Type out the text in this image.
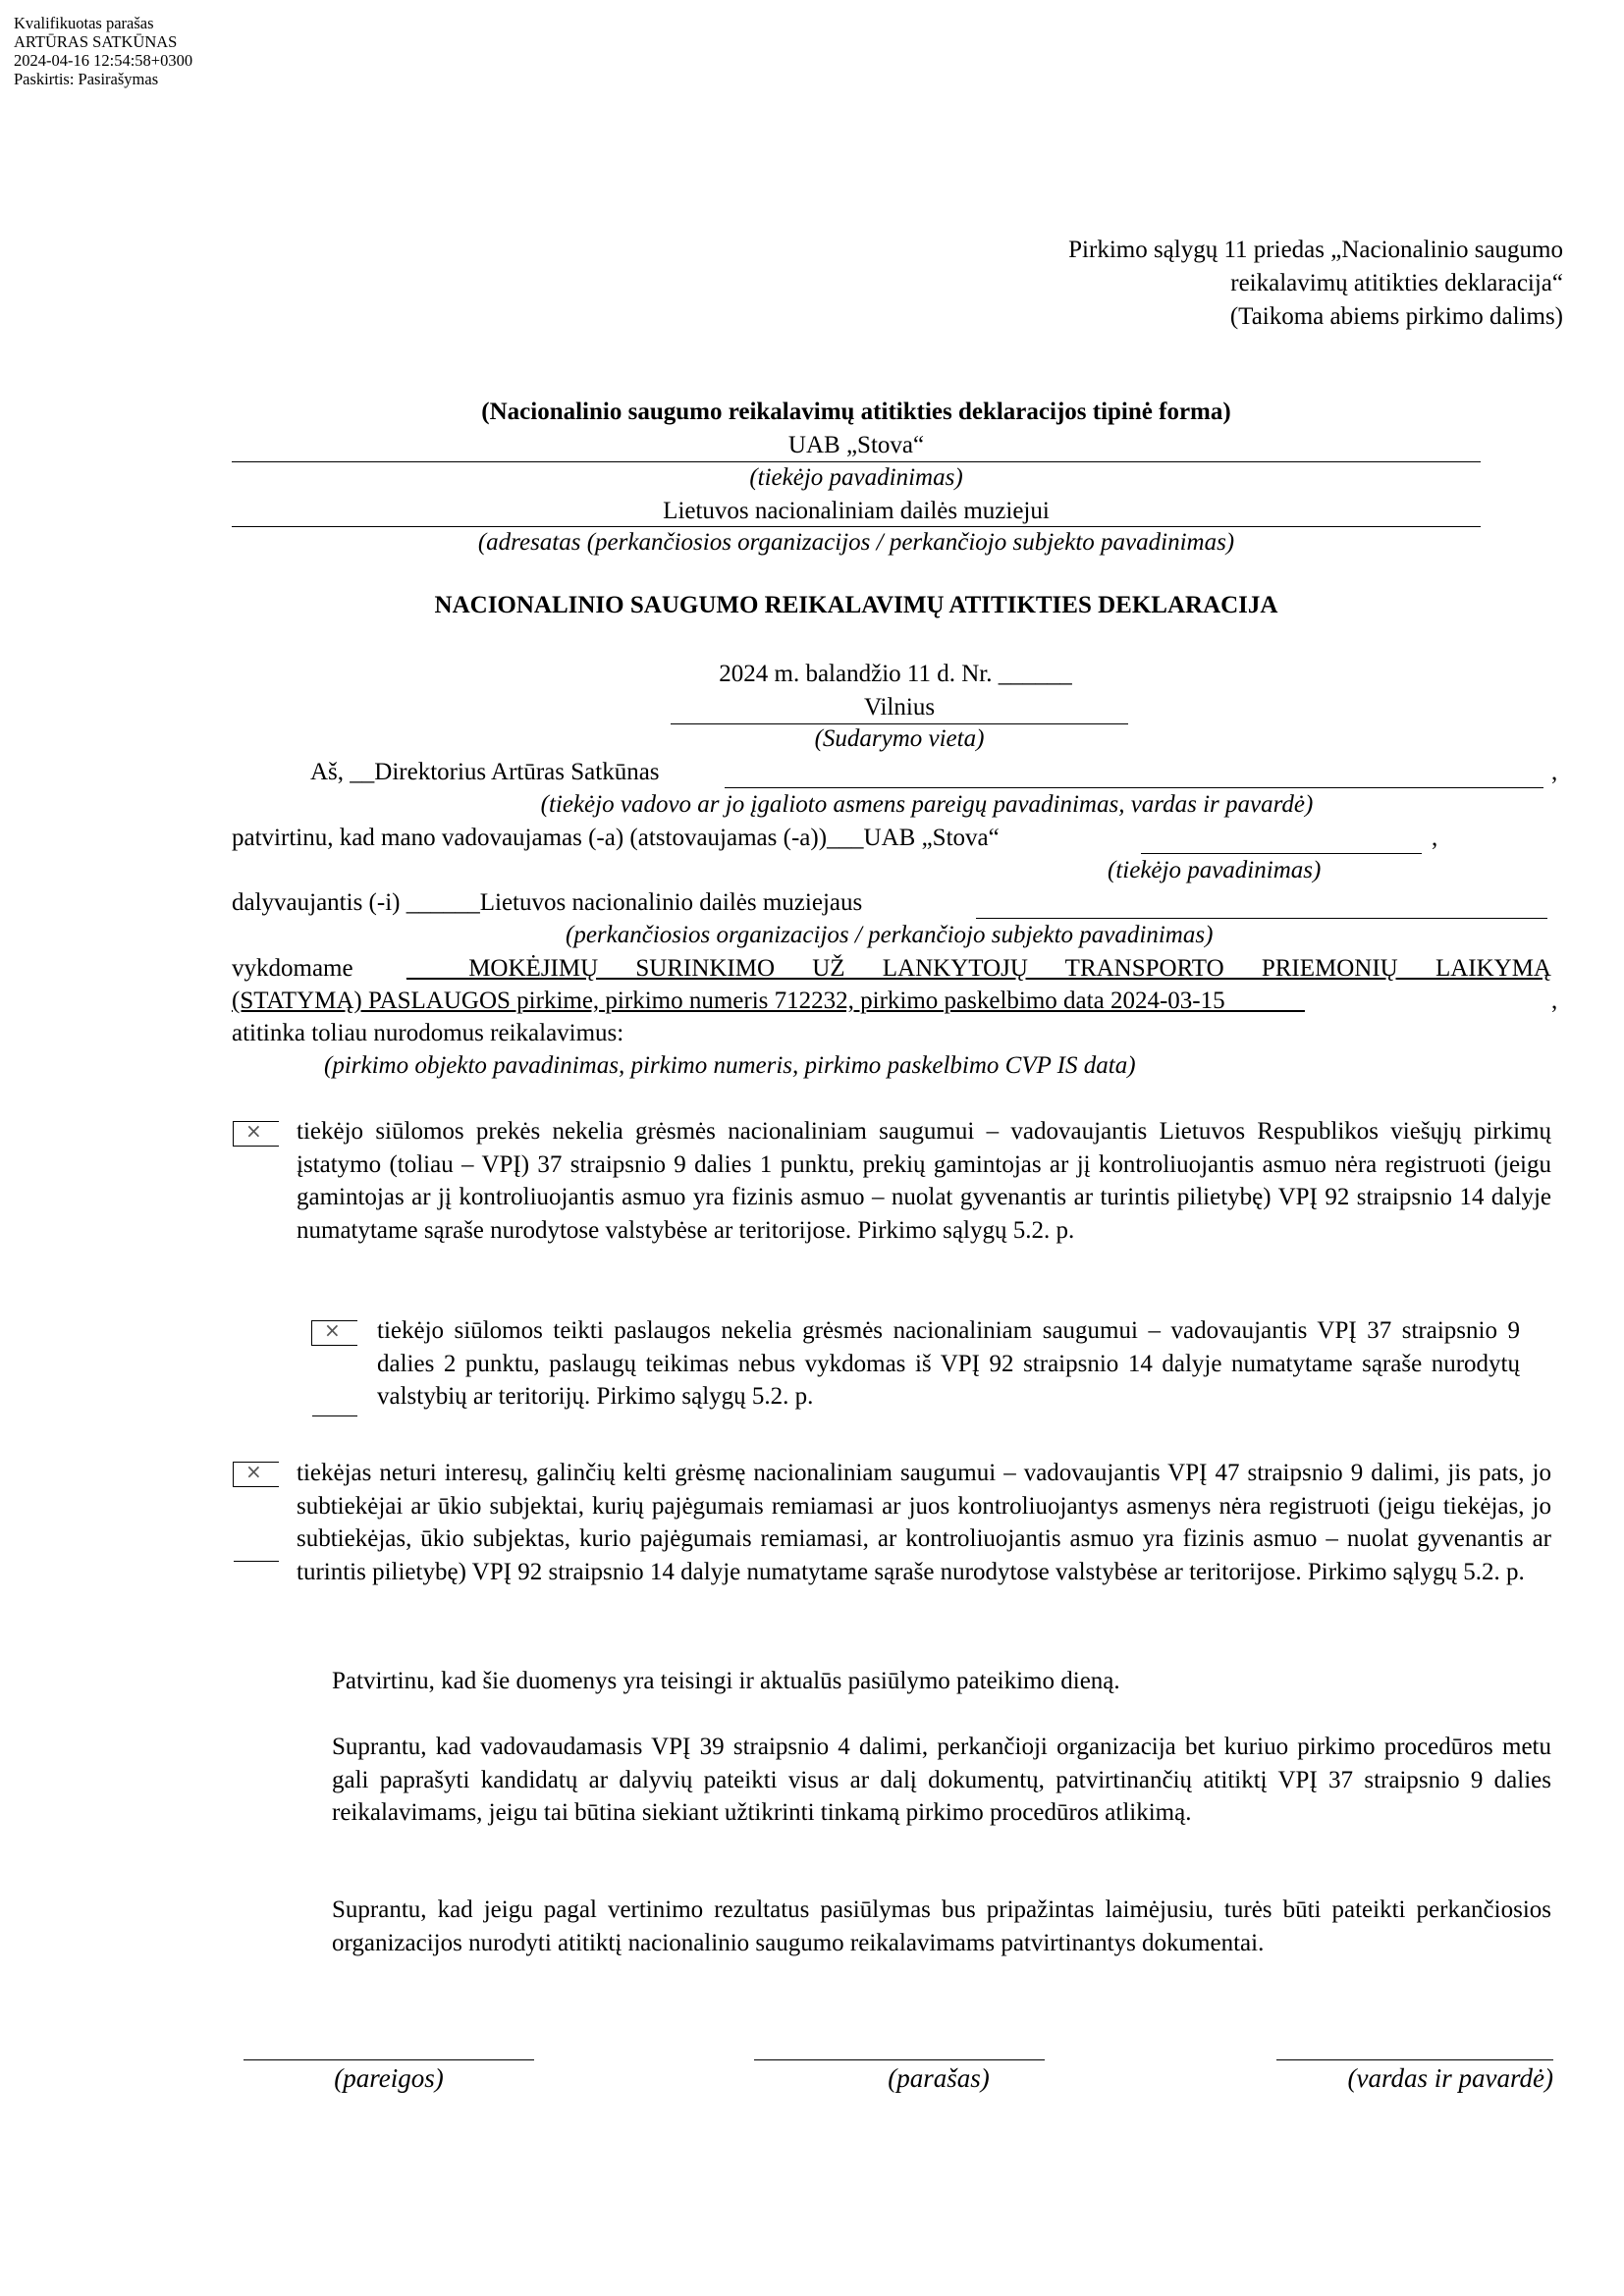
Kvalifikuotas parašas
ARTŪRAS SATKŪNAS
2024-04-16 12:54:58+0300
Paskirtis: Pasirašymas
Pirkimo sąlygų 11 priedas „Nacionalinio saugumo
reikalavimų atitikties deklaracija“
(Taikoma abiems pirkimo dalims)
(Nacionalinio saugumo reikalavimų atitikties deklaracijos tipinė forma)
UAB „Stova“
(tiekėjo pavadinimas)
Lietuvos nacionaliniam dailės muziejui
(adresatas (perkančiosios organizacijos / perkančiojo subjekto pavadinimas)
NACIONALINIO SAUGUMO REIKALAVIMŲ ATITIKTIES DEKLARACIJA
2024 m. balandžio 11 d. Nr. ______
Vilnius
(Sudarymo vieta)
Aš, __Direktorius Artūras Satkūnas	,
(tiekėjo vadovo ar jo įgalioto asmens pareigų pavadinimas, vardas ir pavardė)
patvirtinu, kad mano vadovaujamas (-a) (atstovaujamas (-a))___UAB „Stova“	,
(tiekėjo pavadinimas)
dalyvaujantis (-i) ______Lietuvos nacionalinio dailės muziejaus
(perkančiosios organizacijos / perkančiojo subjekto pavadinimas)
vykdomame __ MOKĖJIMŲ SURINKIMO UŽ LANKYTOJŲ TRANSPORTO PRIEMONIŲ LAIKYMĄ
(STATYMĄ) PASLAUGOS pirkime, pirkimo numeris 712232, pirkimo paskelbimo data 2024-03-15 ______	,
atitinka toliau nurodomus reikalavimus:
(pirkimo objekto pavadinimas, pirkimo numeris, pirkimo paskelbimo CVP IS data)
× tiekėjo siūlomos prekės nekelia grėsmės nacionaliniam saugumui – vadovaujantis Lietuvos Respublikos viešųjų pirkimų įstatymo (toliau – VPĮ) 37 straipsnio 9 dalies 1 punktu, prekių gamintojas ar jį kontroliuojantis asmuo nėra registruoti (jeigu gamintojas ar jį kontroliuojantis asmuo yra fizinis asmuo – nuolat gyvenantis ar turintis pilietybę) VPĮ 92 straipsnio 14 dalyje numatytame sąraše nurodytose valstybėse ar teritorijose. Pirkimo sąlygų 5.2. p.
× tiekėjo siūlomos teikti paslaugos nekelia grėsmės nacionaliniam saugumui – vadovaujantis VPĮ 37 straipsnio 9 dalies 2 punktu, paslaugų teikimas nebus vykdomas iš VPĮ 92 straipsnio 14 dalyje numatytame sąraše nurodytų valstybių ar teritorijų. Pirkimo sąlygų 5.2. p.
× tiekėjas neturi interesų, galinčių kelti grėsmę nacionaliniam saugumui – vadovaujantis VPĮ 47 straipsnio 9 dalimi, jis pats, jo subtiekėjai ar ūkio subjektai, kurių pajėgumais remiamasi ar juos kontroliuojantys asmenys nėra registruoti (jeigu tiekėjas, jo subtiekėjas, ūkio subjektas, kurio pajėgumais remiamasi, ar kontroliuojantis asmuo yra fizinis asmuo – nuolat gyvenantis ar turintis pilietybę) VPĮ 92 straipsnio 14 dalyje numatytame sąraše nurodytose valstybėse ar teritorijose. Pirkimo sąlygų 5.2. p.
Patvirtinu, kad šie duomenys yra teisingi ir aktualūs pasiūlymo pateikimo dieną.
Suprantu, kad vadovaudamasis VPĮ 39 straipsnio 4 dalimi, perkančioji organizacija bet kuriuo pirkimo procedūros metu gali paprašyti kandidatų ar dalyvių pateikti visus ar dalį dokumentų, patvirtinančių atitiktį VPĮ 37 straipsnio 9 dalies reikalavimams, jeigu tai būtina siekiant užtikrinti tinkamą pirkimo procedūros atlikimą.
Suprantu, kad jeigu pagal vertinimo rezultatus pasiūlymas bus pripažintas laimėjusiu, turės būti pateikti perkančiosios organizacijos nurodyti atitiktį nacionalinio saugumo reikalavimams patvirtinantys dokumentai.
(pareigos)	(parašas)	(vardas ir pavardė)
